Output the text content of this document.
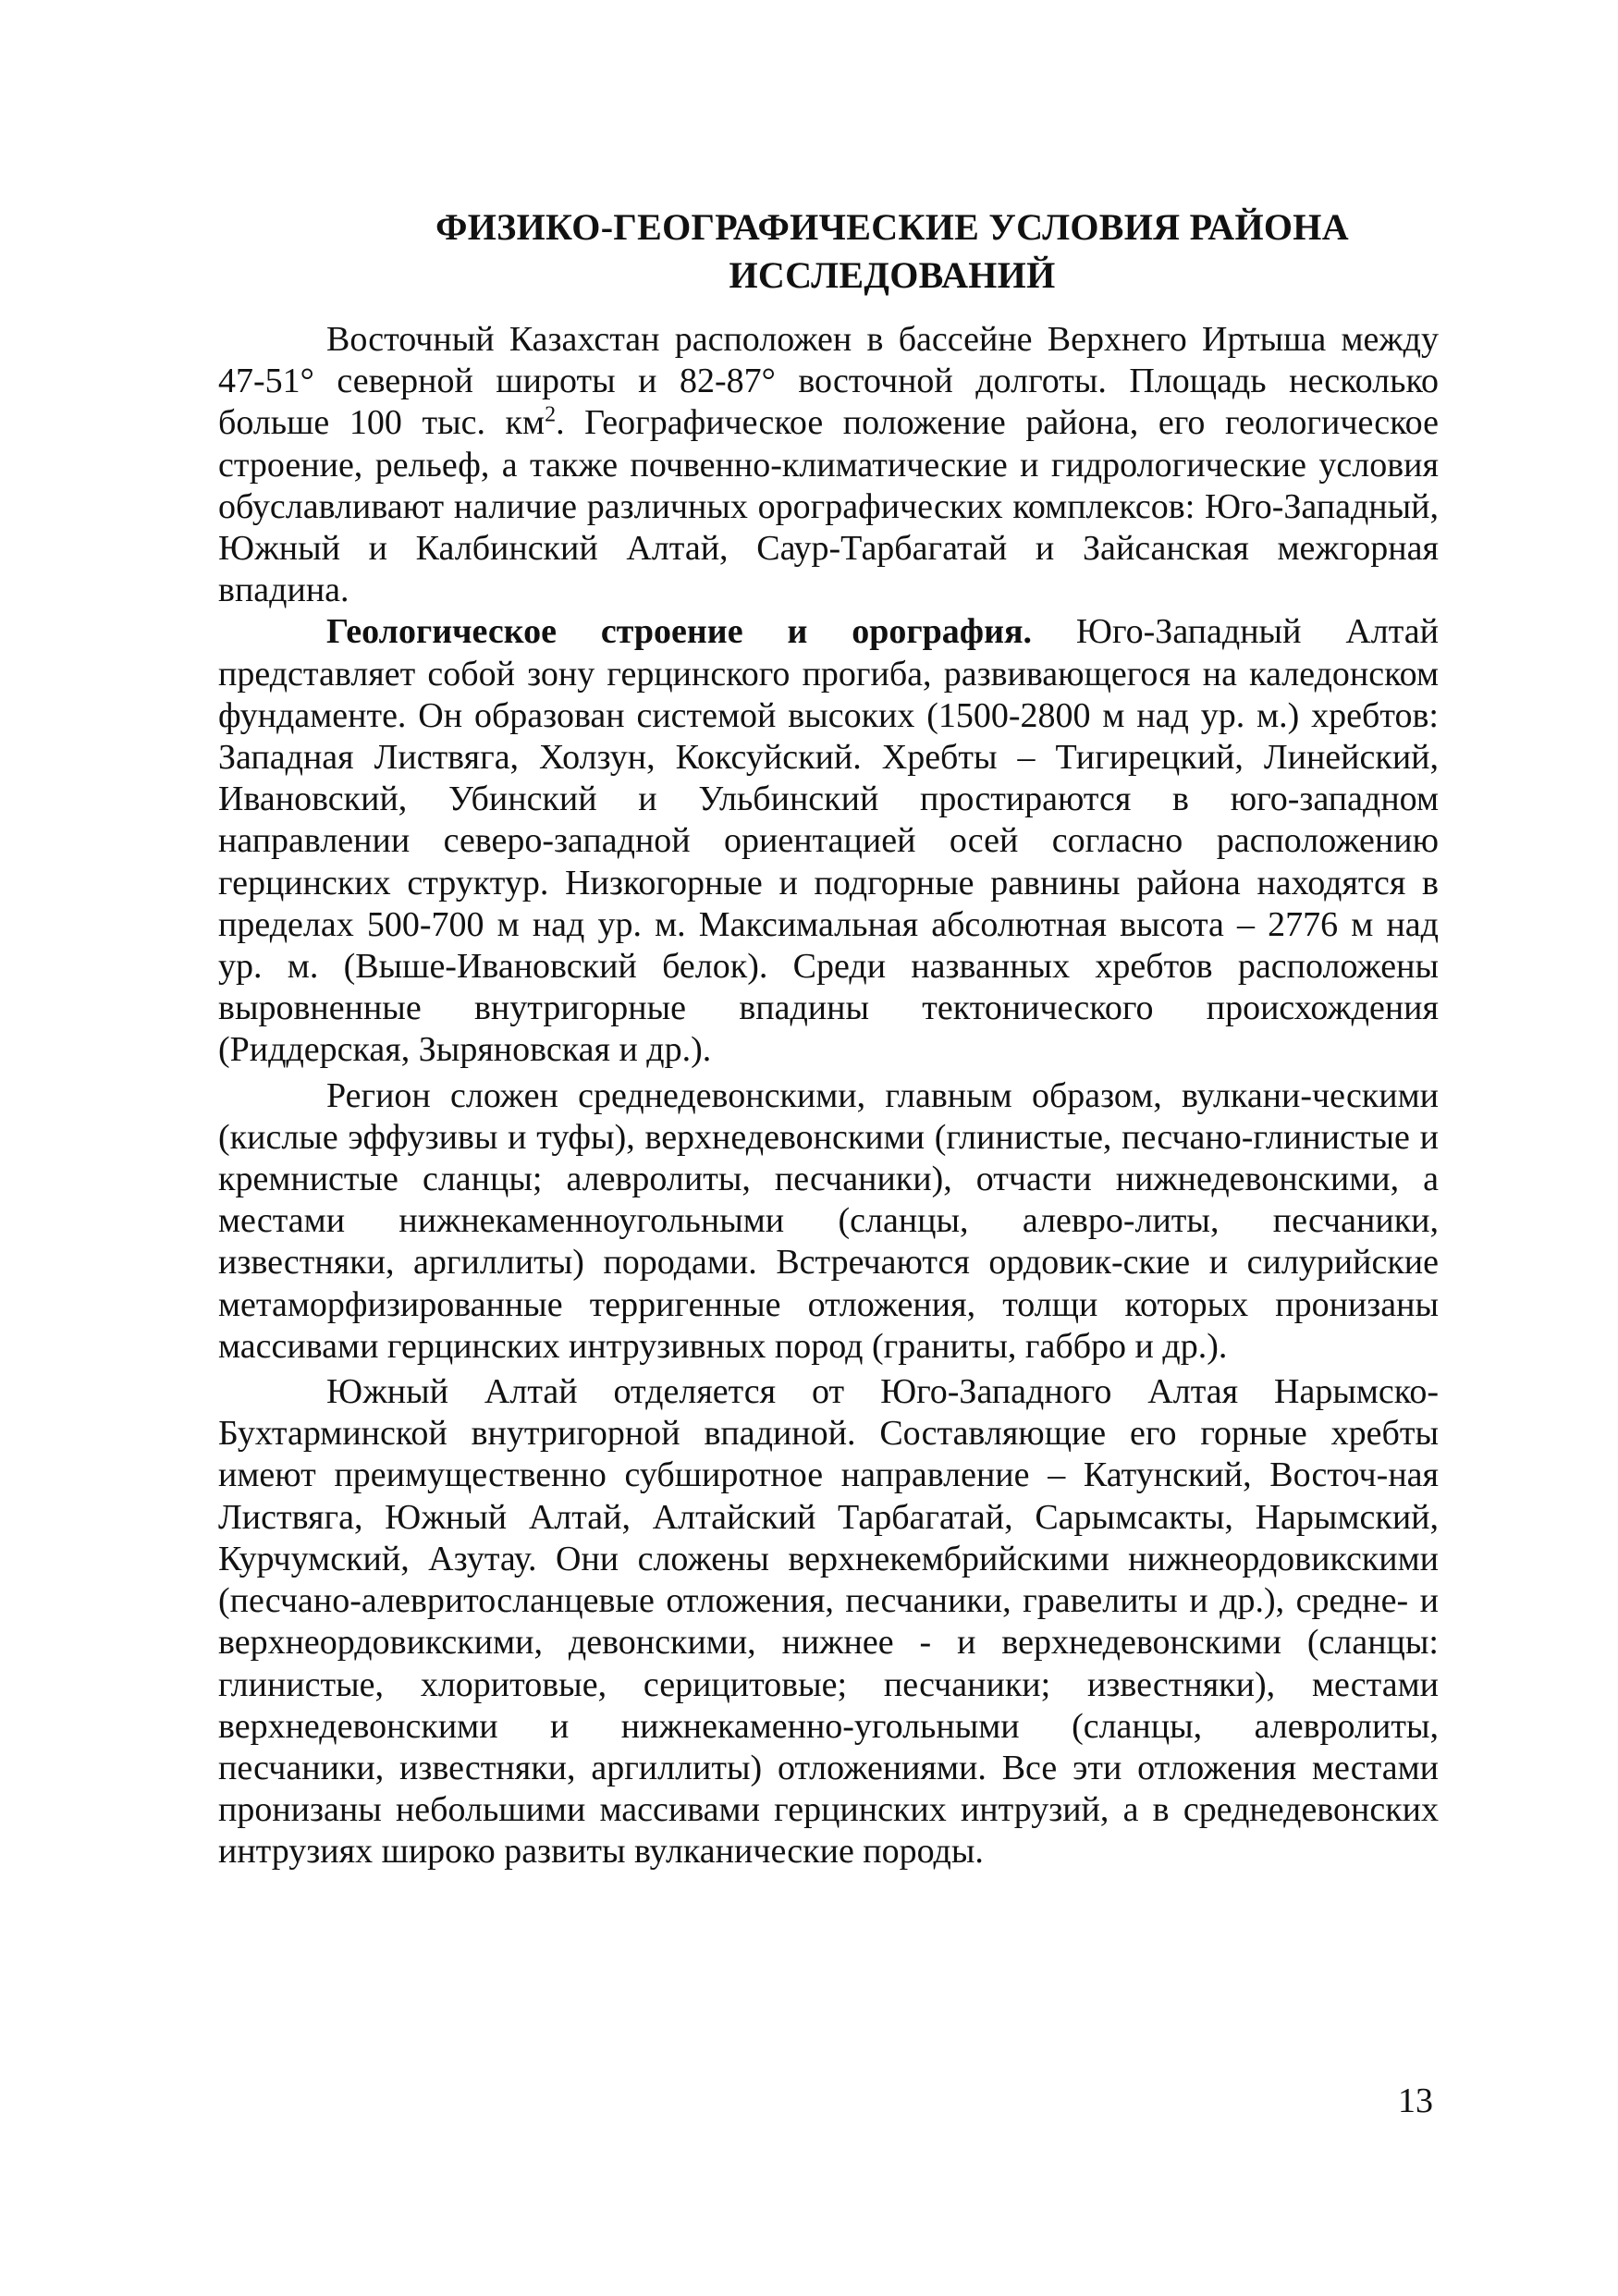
ФИЗИКО-ГЕОГРАФИЧЕСКИЕ УСЛОВИЯ РАЙОНА
ИССЛЕДОВАНИЙ

Восточный Казахстан расположен в бассейне Верхнего Иртыша между 47-51° северной широты и 82-87° восточной долготы. Площадь несколько больше 100 тыс. $км^2$. Географическое положение района, его геологическое строение, рельеф, а также почвенно-климатические и гидрологические условия обуславливают наличие различных орографических комплексов: Юго-Западный, Южный и Калбинский Алтай, Саур-Тарбагатай и Зайсанская межгорная впадина.

Геологическое строение и орография. Юго-Западный Алтай представляет собой зону герцинского прогиба, развивающегося на каледонском фундаменте. Он образован системой высоких (1500-2800 м над ур. м.) хребтов: Западная Листвяга, Холзун, Коксуйский. Хребты – Тигирецкий, Линейский, Ивановский, Убинский и Ульбинский простираются в юго-западном направлении северо-западной ориентацией осей согласно расположению герцинских структур. Низкогорные и подгорные равнины района находятся в пределах 500-700 м над ур. м. Максимальная абсолютная высота – 2776 м над ур. м. (Выше-Ивановский белок). Среди названных хребтов расположены выровненные внутригорные впадины тектонического происхождения (Риддерская, Зыряновская и др.).

Регион сложен среднедевонскими, главным образом, вулкани-ческими (кислые эффузивы и туфы), верхнедевонскими (глинистые, песчано-глинистые и кремнистые сланцы; алевролиты, песчаники), отчасти нижнедевонскими, а местами нижнекаменноугольными (сланцы, алевро-литы, песчаники, известняки, аргиллиты) породами. Встречаются ордовик-ские и силурийские метаморфизированные терригенные отложения, толщи которых пронизаны массивами герцинских интрузивных пород (граниты, габбро и др.).

Южный Алтай отделяется от Юго-Западного Алтая Нарымско-Бухтарминской внутригорной впадиной. Составляющие его горные хребты имеют преимущественно субширотное направление – Катунский, Восточ-ная Листвяга, Южный Алтай, Алтайский Тарбагатай, Сарымсакты, Нарымский, Курчумский, Азутау. Они сложены верхнекембрийскими нижнеордовикскими (песчано-алевритосланцевые отложения, песчаники, гравелиты и др.), средне- и верхнеордовикскими, девонскими, нижнее - и верхнедевонскими (сланцы: глинистые, хлоритовые, серицитовые; песчаники; известняки), местами верхнедевонскими и нижнекаменно-угольными (сланцы, алевролиты, песчаники, известняки, аргиллиты) отложениями. Все эти отложения местами пронизаны небольшими массивами герцинских интрузий, а в среднедевонских интрузиях широко развиты вулканические породы.

13
